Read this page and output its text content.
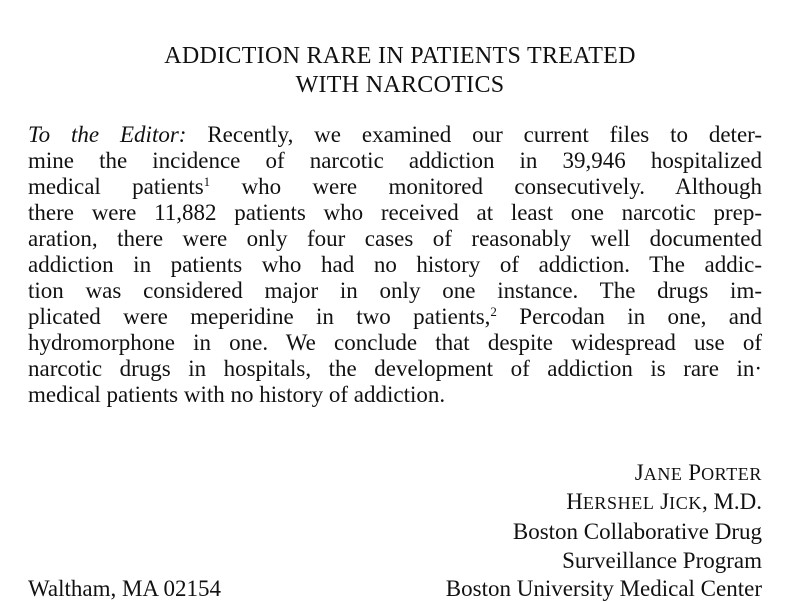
ADDICTION RARE IN PATIENTS TREATED
WITH NARCOTICS
To the Editor: Recently, we examined our current files to deter-
mine the incidence of narcotic addiction in 39,946 hospitalized
medical patients$^1$ who were monitored consecutively. Although
there were 11,882 patients who received at least one narcotic prep-
aration, there were only four cases of reasonably well documented
addiction in patients who had no history of addiction. The addic-
tion was considered major in only one instance. The drugs im-
plicated were meperidine in two patients,$^2$ Percodan in one, and
hydromorphone in one. We conclude that despite widespread use of
narcotic drugs in hospitals, the development of addiction is rare in·
medical patients with no history of addiction.
JANE PORTER
HERSHEL JICK, M.D.
Boston Collaborative Drug
Surveillance Program
Boston University Medical Center
Waltham, MA 02154
